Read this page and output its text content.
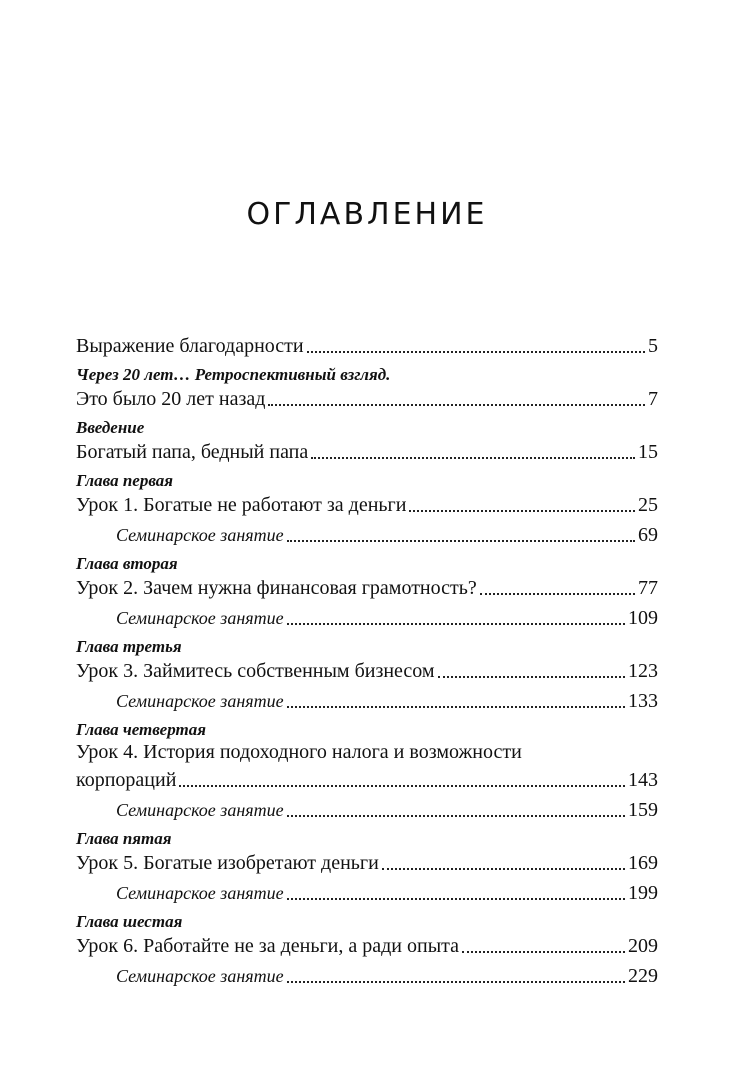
ОГЛАВЛЕНИЕ
Выражение благодарности	5
Через 20 лет… Ретроспективный взгляд.
Это было 20 лет назад	7
Введение
Богатый папа, бедный папа	15
Глава первая
Урок 1. Богатые не работают за деньги	25
Семинарское занятие	69
Глава вторая
Урок 2. Зачем нужна финансовая грамотность?	77
Семинарское занятие	109
Глава третья
Урок 3. Займитесь собственным бизнесом	123
Семинарское занятие	133
Глава четвертая
Урок 4. История подоходного налога и возможности
корпораций	143
Семинарское занятие	159
Глава пятая
Урок 5. Богатые изобретают деньги	169
Семинарское занятие	199
Глава шестая
Урок 6. Работайте не за деньги, а ради опыта	209
Семинарское занятие	229
